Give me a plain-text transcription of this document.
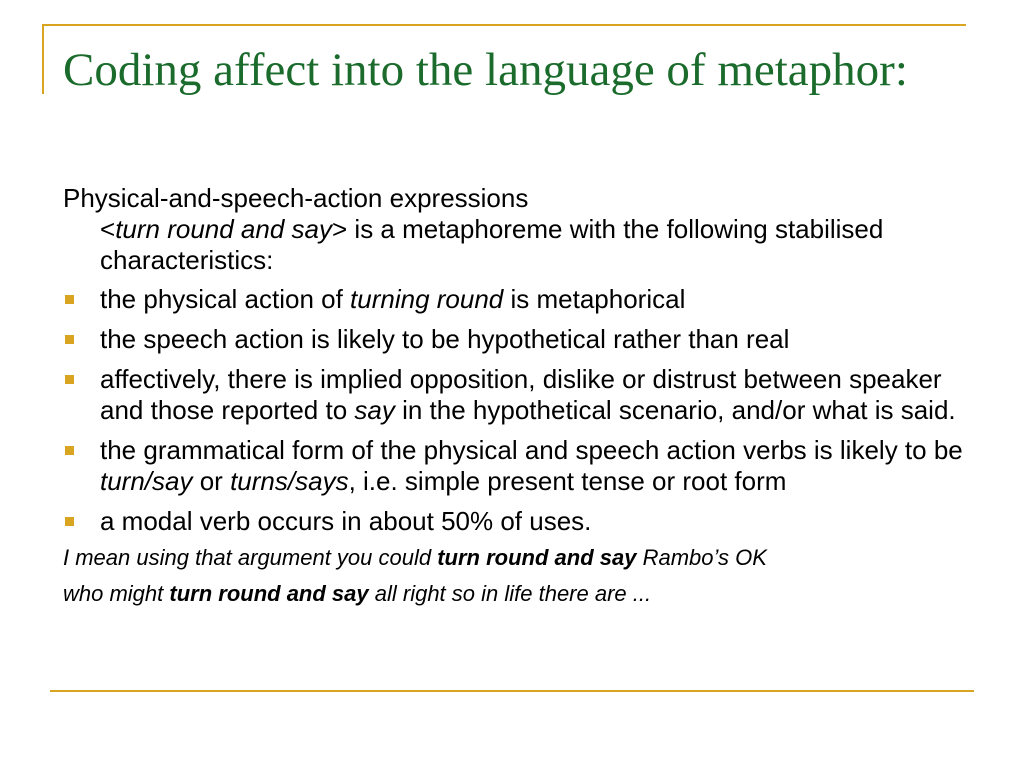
Coding affect into the language of metaphor:

Physical-and-speech-action expressions

<turn round and say> is a metaphoreme with the following stabilised characteristics:

the physical action of turning round is metaphorical
the speech action is likely to be hypothetical rather than real
affectively, there is implied opposition, dislike or distrust between speaker and those reported to say in the hypothetical scenario, and/or what is said.
the grammatical form of the physical and speech action verbs is likely to be turn/say or turns/says, i.e. simple present tense or root form
a modal verb occurs in about 50% of uses.

I mean using that argument you could turn round and say Rambo’s OK

who might turn round and say all right so in life there are ...
